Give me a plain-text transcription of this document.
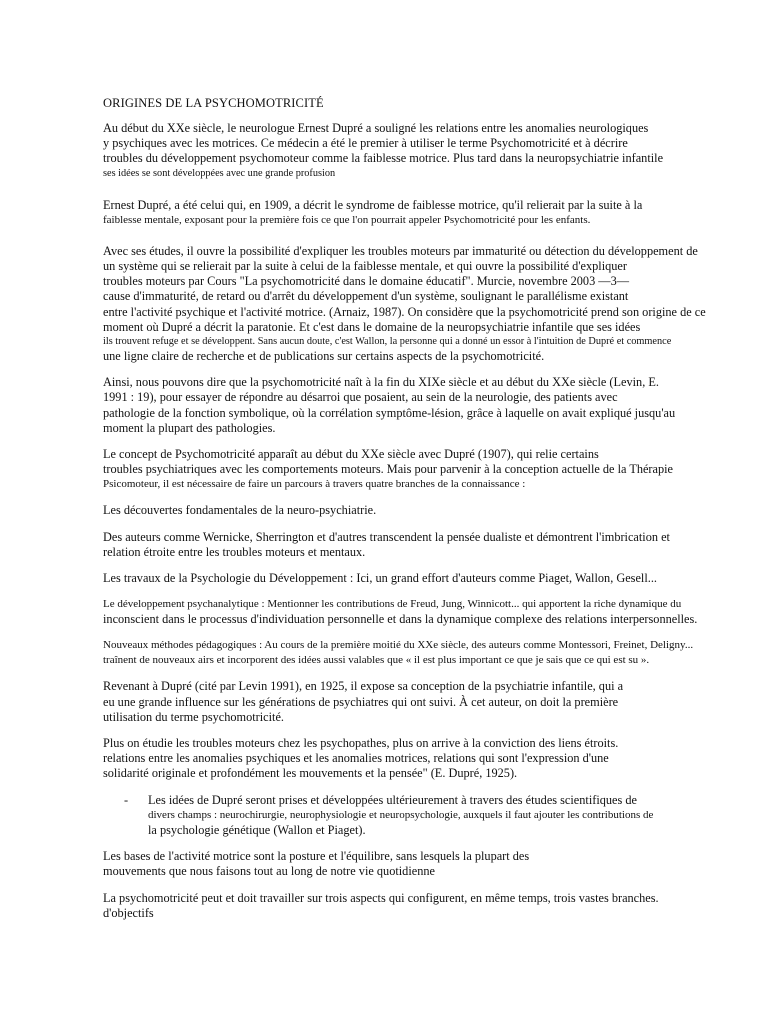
ORIGINES DE LA PSYCHOMOTRICITÉ
Au début du XXe siècle, le neurologue Ernest Dupré a souligné les relations entre les anomalies neurologiques
y psychiques avec les motrices. Ce médecin a été le premier à utiliser le terme Psychomotricité et à décrire
troubles du développement psychomoteur comme la faiblesse motrice. Plus tard dans la neuropsychiatrie infantile
ses idées se sont développées avec une grande profusion
Ernest Dupré, a été celui qui, en 1909, a décrit le syndrome de faiblesse motrice, qu'il relierait par la suite à la
faiblesse mentale, exposant pour la première fois ce que l'on pourrait appeler Psychomotricité pour les enfants.
Avec ses études, il ouvre la possibilité d'expliquer les troubles moteurs par immaturité ou détection du développement de
un système qui se relierait par la suite à celui de la faiblesse mentale, et qui ouvre la possibilité d'expliquer
troubles moteurs par Cours "La psychomotricité dans le domaine éducatif". Murcie, novembre 2003 —3—
cause d'immaturité, de retard ou d'arrêt du développement d'un système, soulignant le parallélisme existant
entre l'activité psychique et l'activité motrice. (Arnaiz, 1987). On considère que la psychomotricité prend son origine de ce
moment où Dupré a décrit la paratonie. Et c'est dans le domaine de la neuropsychiatrie infantile que ses idées
ils trouvent refuge et se développent. Sans aucun doute, c'est Wallon, la personne qui a donné un essor à l'intuition de Dupré et commence
une ligne claire de recherche et de publications sur certains aspects de la psychomotricité.
Ainsi, nous pouvons dire que la psychomotricité naît à la fin du XIXe siècle et au début du XXe siècle (Levin, E.
1991 : 19), pour essayer de répondre au désarroi que posaient, au sein de la neurologie, des patients avec
pathologie de la fonction symbolique, où la corrélation symptôme-lésion, grâce à laquelle on avait expliqué jusqu'au
moment la plupart des pathologies.
Le concept de Psychomotricité apparaît au début du XXe siècle avec Dupré (1907), qui relie certains
troubles psychiatriques avec les comportements moteurs. Mais pour parvenir à la conception actuelle de la Thérapie
Psicomoteur, il est nécessaire de faire un parcours à travers quatre branches de la connaissance :
Les découvertes fondamentales de la neuro-psychiatrie.
Des auteurs comme Wernicke, Sherrington et d'autres transcendent la pensée dualiste et démontrent l'imbrication et
relation étroite entre les troubles moteurs et mentaux.
Les travaux de la Psychologie du Développement : Ici, un grand effort d'auteurs comme Piaget, Wallon, Gesell...
Le développement psychanalytique : Mentionner les contributions de Freud, Jung, Winnicott... qui apportent la riche dynamique du
inconscient dans le processus d'individuation personnelle et dans la dynamique complexe des relations interpersonnelles.
Nouveaux méthodes pédagogiques : Au cours de la première moitié du XXe siècle, des auteurs comme Montessori, Freinet, Deligny...
traînent de nouveaux airs et incorporent des idées aussi valables que « il est plus important ce que je sais que ce qui est su ».
Revenant à Dupré (cité par Levin 1991), en 1925, il expose sa conception de la psychiatrie infantile, qui a
eu une grande influence sur les générations de psychiatres qui ont suivi. À cet auteur, on doit la première
utilisation du terme psychomotricité.
Plus on étudie les troubles moteurs chez les psychopathes, plus on arrive à la conviction des liens étroits.
relations entre les anomalies psychiques et les anomalies motrices, relations qui sont l'expression d'une
solidarité originale et profondément les mouvements et la pensée" (E. Dupré, 1925).
- Les idées de Dupré seront prises et développées ultérieurement à travers des études scientifiques de
divers champs : neurochirurgie, neurophysiologie et neuropsychologie, auxquels il faut ajouter les contributions de
la psychologie génétique (Wallon et Piaget).
Les bases de l'activité motrice sont la posture et l'équilibre, sans lesquels la plupart des
mouvements que nous faisons tout au long de notre vie quotidienne
La psychomotricité peut et doit travailler sur trois aspects qui configurent, en même temps, trois vastes branches.
d'objectifs
